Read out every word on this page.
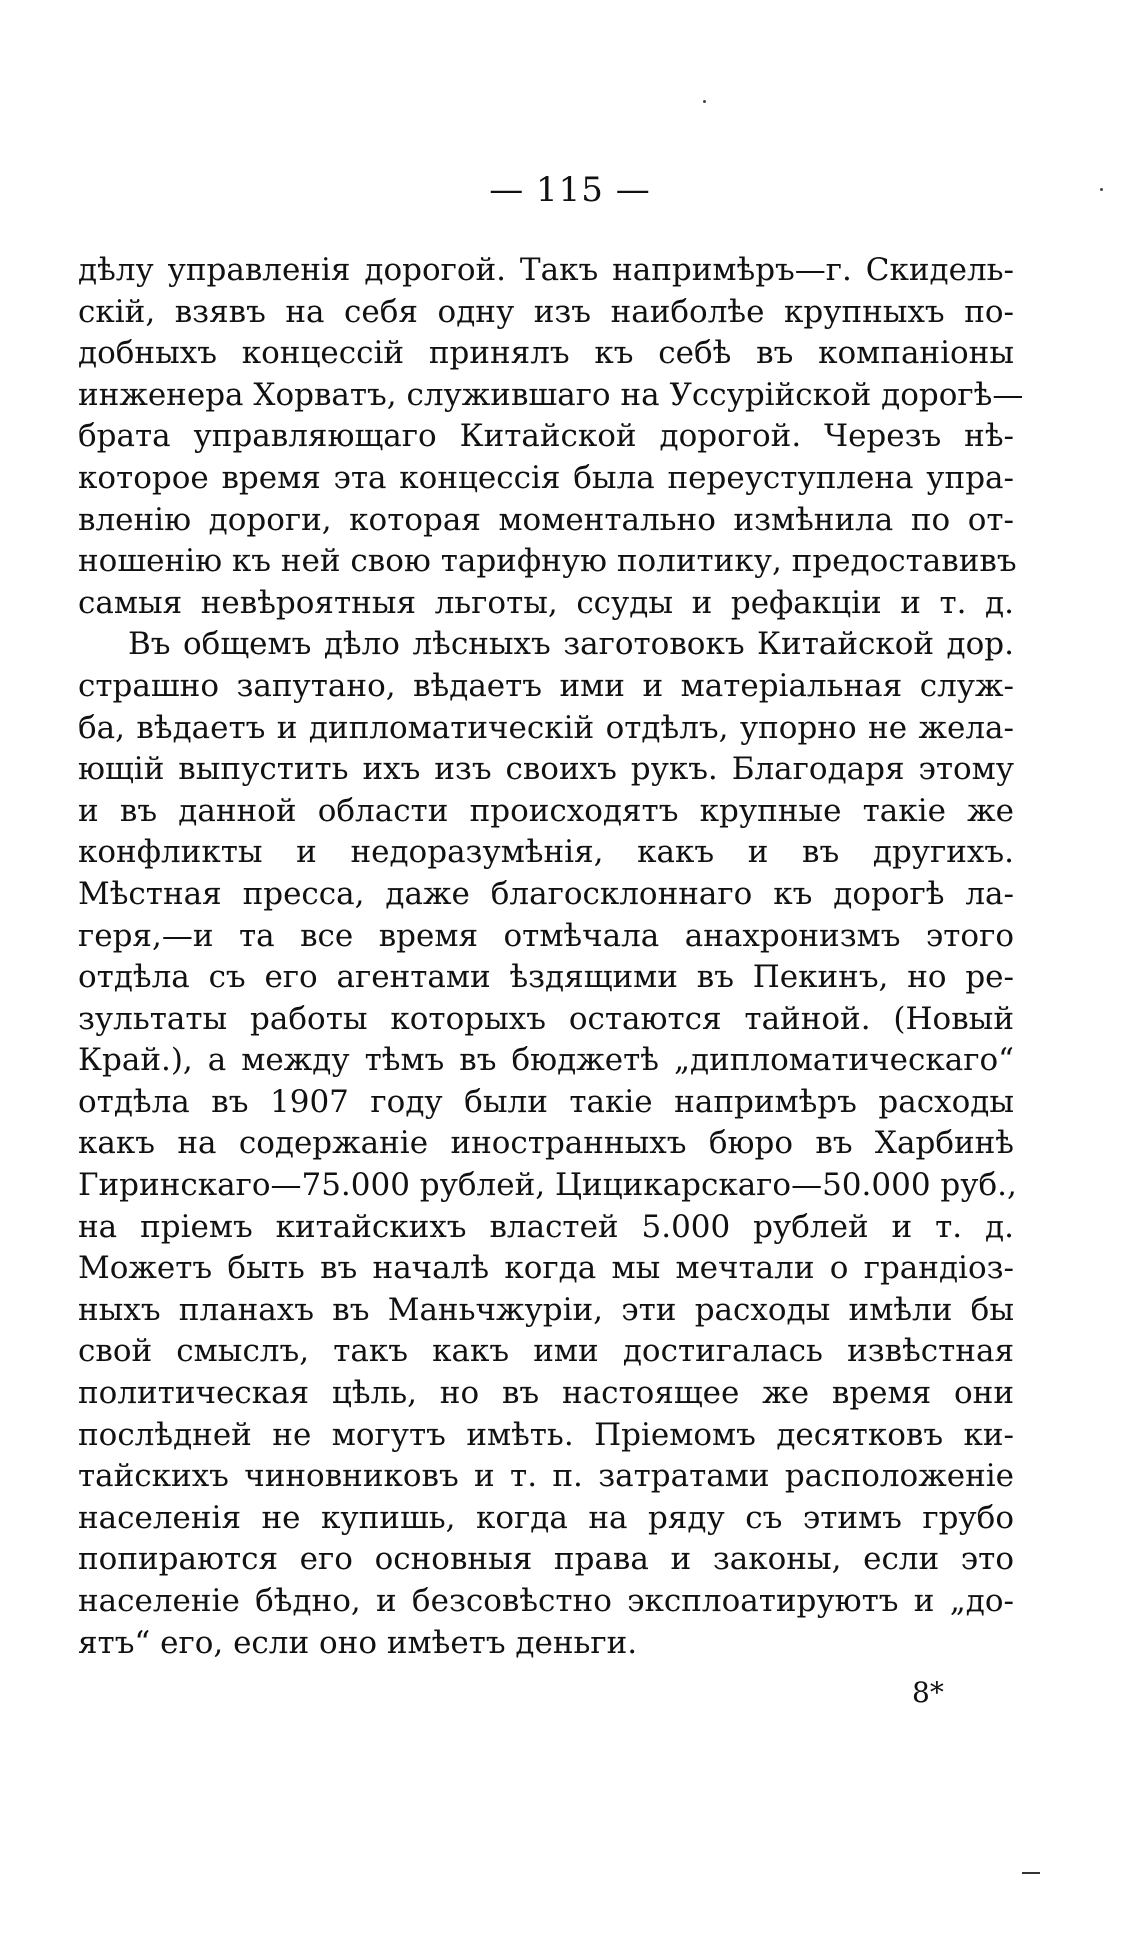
— 115 —
дѣлу управленія дорогой. Такъ напримѣръ—г. Скидель-
скій, взявъ на себя одну изъ наиболѣе крупныхъ по-
добныхъ концессій принялъ къ себѣ въ компаніоны
инженера Хорватъ, служившаго на Уссурійской дорогѣ—
брата управляющаго Китайской дорогой. Черезъ нѣ-
которое время эта концессія была переуступлена упра-
вленію дороги, которая моментально измѣнила по от-
ношенію къ ней свою тарифную политику, предоставивъ
самыя невѣроятныя льготы, ссуды и рефакціи и т. д.
Въ общемъ дѣло лѣсныхъ заготовокъ Китайской дор.
страшно запутано, вѣдаетъ ими и матеріальная служ-
ба, вѣдаетъ и дипломатическій отдѣлъ, упорно не желa-
ющій выпустить ихъ изъ своихъ рукъ. Благодаря этому
и въ данной области происходятъ крупные такіе же
конфликты и недоразумѣнія, какъ и въ другихъ.
Мѣстная пресса, даже благосклоннаго къ дорогѣ ла-
геря,—и та все время отмѣчала анахронизмъ этого
отдѣла съ его агентами ѣздящими въ Пекинъ, но ре-
зультаты работы которыхъ остаются тайной. (Новый
Край.), а между тѣмъ въ бюджетѣ „дипломатическаго“
отдѣла въ 1907 году были такіе напримѣръ расходы
какъ на содержаніе иностранныхъ бюро въ Харбинѣ
Гиринскаго—75.000 рублей, Цицикарскаго—50.000 руб.,
на пріемъ китайскихъ властей 5.000 рублей и т. д.
Можетъ быть въ началѣ когда мы мечтали о грандіоз-
ныхъ планахъ въ Маньчжуріи, эти расходы имѣли бы
свой смыслъ, такъ какъ ими достигалась извѣстная
политическая цѣль, но въ настоящее же время они
послѣдней не могутъ имѣть. Пріемомъ десятковъ ки-
тайскихъ чиновниковъ и т. п. затратами расположенiе
населенія не купишь, когда на ряду съ этимъ грубо
попираются его основныя права и законы, если это
населеніе бѣдно, и безсовѣстно эксплоатируютъ и „до-
ятъ“ его, если оно имѣетъ деньги.
8*
